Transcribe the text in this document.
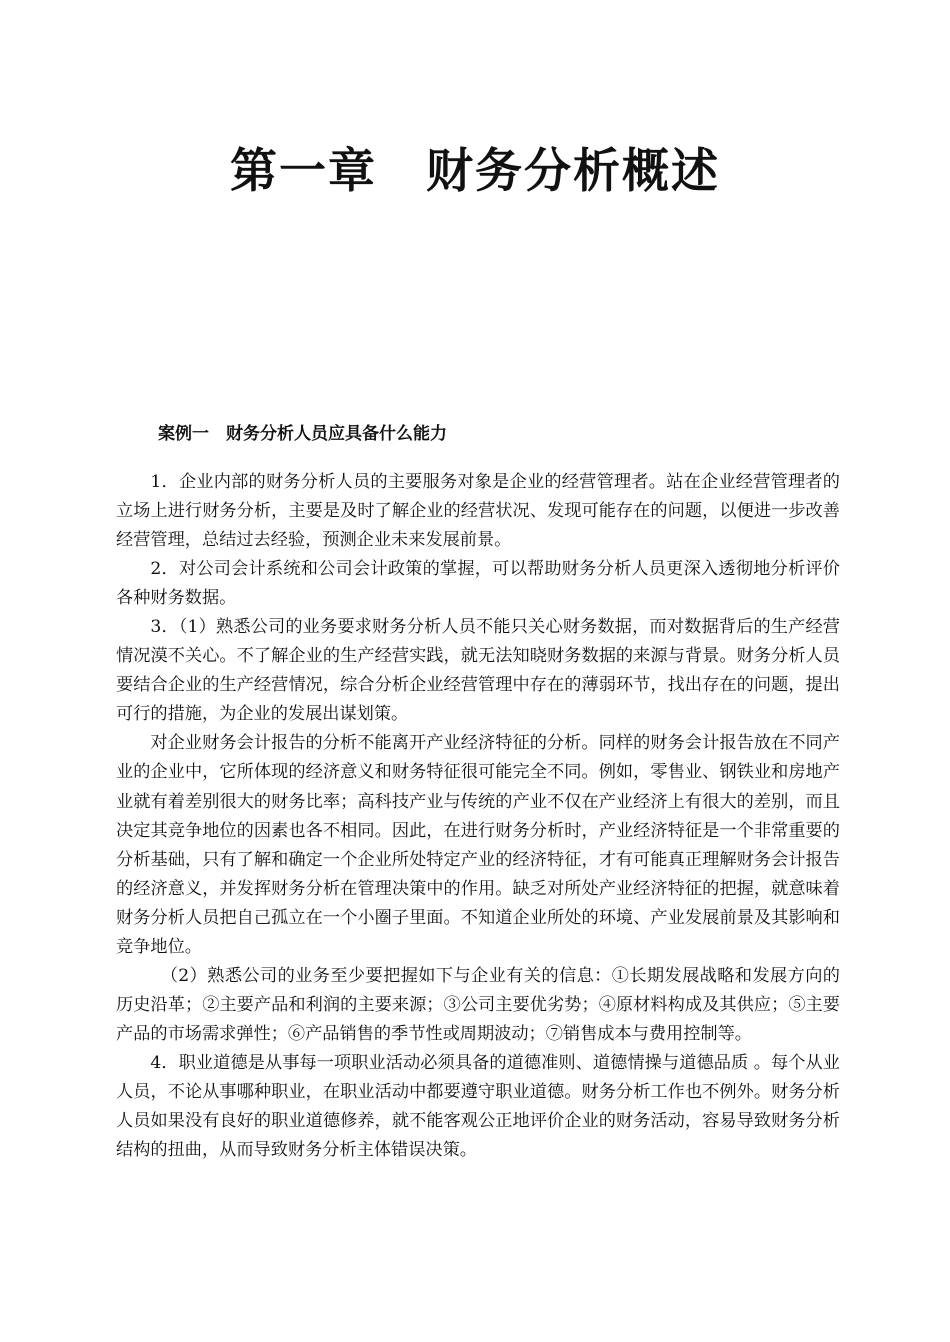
第一章　财务分析概述
案例一　财务分析人员应具备什么能力

1．企业内部的财务分析人员的主要服务对象是企业的经营管理者。站在企业经营管理者的立场上进行财务分析，主要是及时了解企业的经营状况、发现可能存在的问题，以便进一步改善经营管理，总结过去经验，预测企业未来发展前景。

2．对公司会计系统和公司会计政策的掌握，可以帮助财务分析人员更深入透彻地分析评价各种财务数据。

3．（1）熟悉公司的业务要求财务分析人员不能只关心财务数据，而对数据背后的生产经营情况漠不关心。不了解企业的生产经营实践，就无法知晓财务数据的来源与背景。财务分析人员要结合企业的生产经营情况，综合分析企业经营管理中存在的薄弱环节，找出存在的问题，提出可行的措施，为企业的发展出谋划策。

对企业财务会计报告的分析不能离开产业经济特征的分析。同样的财务会计报告放在不同产业的企业中，它所体现的经济意义和财务特征很可能完全不同。例如，零售业、钢铁业和房地产业就有着差别很大的财务比率；高科技产业与传统的产业不仅在产业经济上有很大的差别，而且决定其竞争地位的因素也各不相同。因此，在进行财务分析时，产业经济特征是一个非常重要的分析基础，只有了解和确定一个企业所处特定产业的经济特征，才有可能真正理解财务会计报告的经济意义，并发挥财务分析在管理决策中的作用。缺乏对所处产业经济特征的把握，就意味着财务分析人员把自己孤立在一个小圈子里面。不知道企业所处的环境、产业发展前景及其影响和竞争地位。

（2）熟悉公司的业务至少要把握如下与企业有关的信息：①长期发展战略和发展方向的历史沿革；②主要产品和利润的主要来源；③公司主要优劣势；④原材料构成及其供应；⑤主要产品的市场需求弹性；⑥产品销售的季节性或周期波动；⑦销售成本与费用控制等。

4．职业道德是从事每一项职业活动必须具备的道德准则、道德情操与道德品质 。每个从业人员，不论从事哪种职业，在职业活动中都要遵守职业道德。财务分析工作也不例外。财务分析人员如果没有良好的职业道德修养，就不能客观公正地评价企业的财务活动，容易导致财务分析结构的扭曲，从而导致财务分析主体错误决策。
